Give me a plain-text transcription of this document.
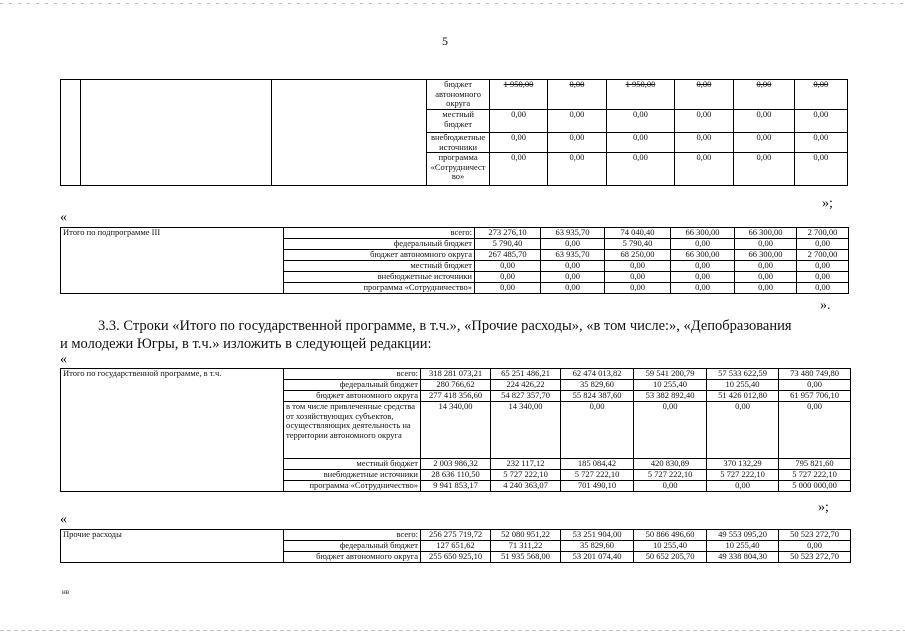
5
			бюджет автономного округа	1 950,00	0,00	1 950,00	0,00	0,00	0,00
			местный бюджет	0,00	0,00	0,00	0,00	0,00	0,00
			внебюджетные источники	0,00	0,00	0,00	0,00	0,00	0,00
			программа «Сотрудничест во»	0,00	0,00	0,00	0,00	0,00	0,00
»;
«
Итого по подпрограмме III	всего:	273 276,10	63 935,70	74 040,40	66 300,00	66 300,00	2 700,00
	федеральный бюджет	5 790,40	0,00	5 790,40	0,00	0,00	0,00
	бюджет автономного округа	267 485,70	63 935,70	68 250,00	66 300,00	66 300,00	2 700,00
	местный бюджет	0,00	0,00	0,00	0,00	0,00	0,00
	внебюджетные источники	0,00	0,00	0,00	0,00	0,00	0,00
	программа «Сотрудничество»	0,00	0,00	0,00	0,00	0,00	0,00
».
3.3. Строки «Итого по государственной программе, в т.ч.», «Прочие расходы», «в том числе:», «Депобразования
и молодежи Югры, в т.ч.» изложить в следующей редакции:
«
Итого по государственной программе, в т.ч.	всего:	318 281 073,21	65 251 486,21	62 474 013,82	59 541 200,79	57 533 622,59	73 480 749,80
	федеральный бюджет	280 766,62	224 426,22	35 829,60	10 255,40	10 255,40	0,00
	бюджет автономного округа	277 418 356,60	54 827 357,70	55 824 387,60	53 382 892,40	51 426 012,80	61 957 706,10
	в том числе привлеченные средства от хозяйствующих субъектов, осуществляющих деятельность на территории автономного округа	14 340,00	14 340,00	0,00	0,00	0,00	0,00
	местный бюджет	2 003 986,32	232 117,12	185 084,42	420 830,89	370 132,29	795 821,60
	внебюджетные источники	28 636 110,50	5 727 222,10	5 727 222,10	5 727 222,10	5 727 222,10	5 727 222,10
	программа «Сотрудничество»	9 941 853,17	4 240 363,07	701 490,10	0,00	0,00	5 000 000,00
»;
«
Прочие расходы	всего:	256 275 719,72	52 080 951,22	53 251 904,00	50 866 496,60	49 553 095,20	50 523 272,70
	федеральный бюджет	127 651,62	71 311,22	35 829,60	10 255,40	10 255,40	0,00
	бюджет автономного округа	255 650 925,10	51 935 568,00	53 201 074,40	50 652 205,70	49 338 804,30	50 523 272,70
нв
